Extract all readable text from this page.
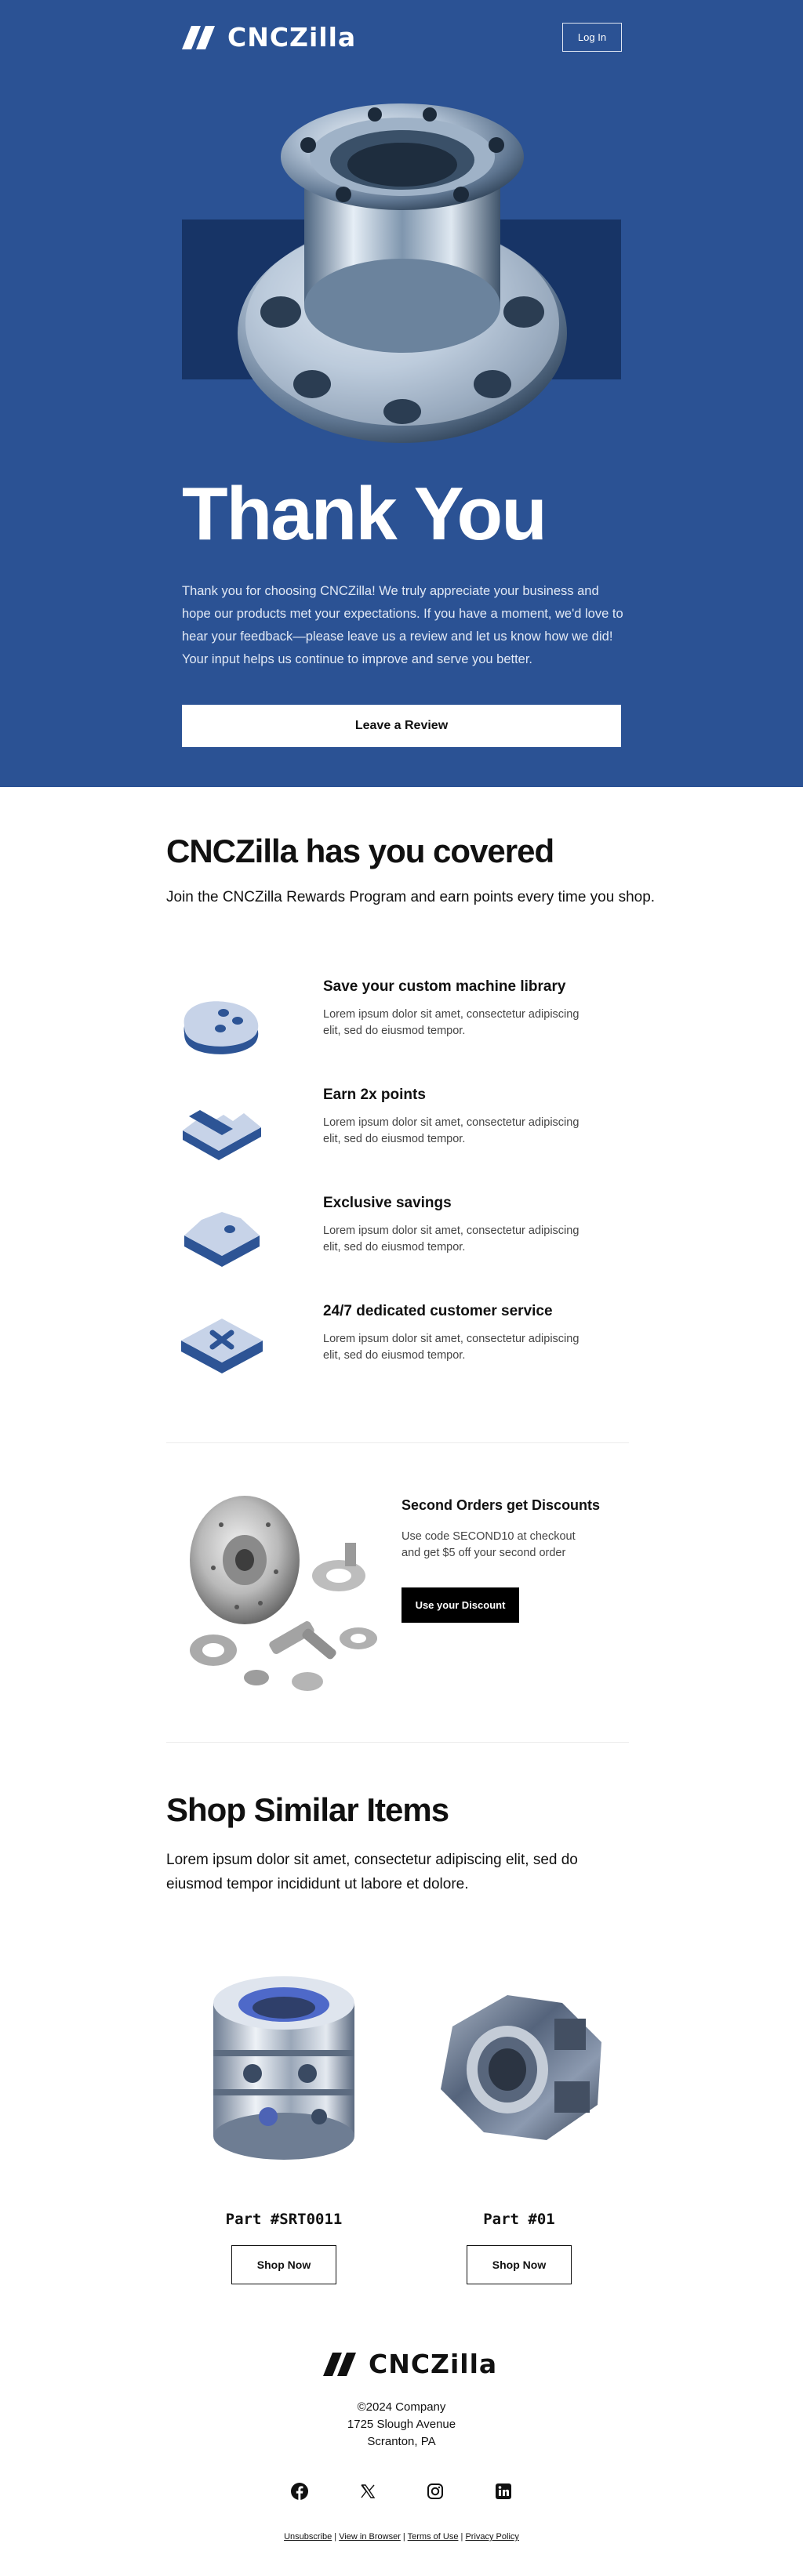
CNCZilla	Log In
Thank You

Thank you for choosing CNCZilla! We truly appreciate your business and hope our products met your expectations. If you have a moment, we'd love to hear your feedback—please leave us a review and let us know how we did! Your input helps us continue to improve and serve you better.

Leave a Review
CNCZilla has you covered

Join the CNCZilla Rewards Program and earn points every time you shop.

Save your custom machine library

Lorem ipsum dolor sit amet, consectetur adipiscing elit, sed do eiusmod tempor.

Earn 2x points

Lorem ipsum dolor sit amet, consectetur adipiscing elit, sed do eiusmod tempor.

Exclusive savings

Lorem ipsum dolor sit amet, consectetur adipiscing elit, sed do eiusmod tempor.

24/7 dedicated customer service

Lorem ipsum dolor sit amet, consectetur adipiscing elit, sed do eiusmod tempor.

Second Orders get Discounts

Use code SECOND10 at checkout and get $5 off your second order

Use your Discount
Shop Similar Items

Lorem ipsum dolor sit amet, consectetur adipiscing elit, sed do eiusmod tempor incididunt ut labore et dolore.

Part #SRT0011	Part #01
Shop Now	Shop Now
CNCZilla
©2024 Company
1725 Slough Avenue
Scranton, PA
Unsubscribe | View in Browser | Terms of Use | Privacy Policy
